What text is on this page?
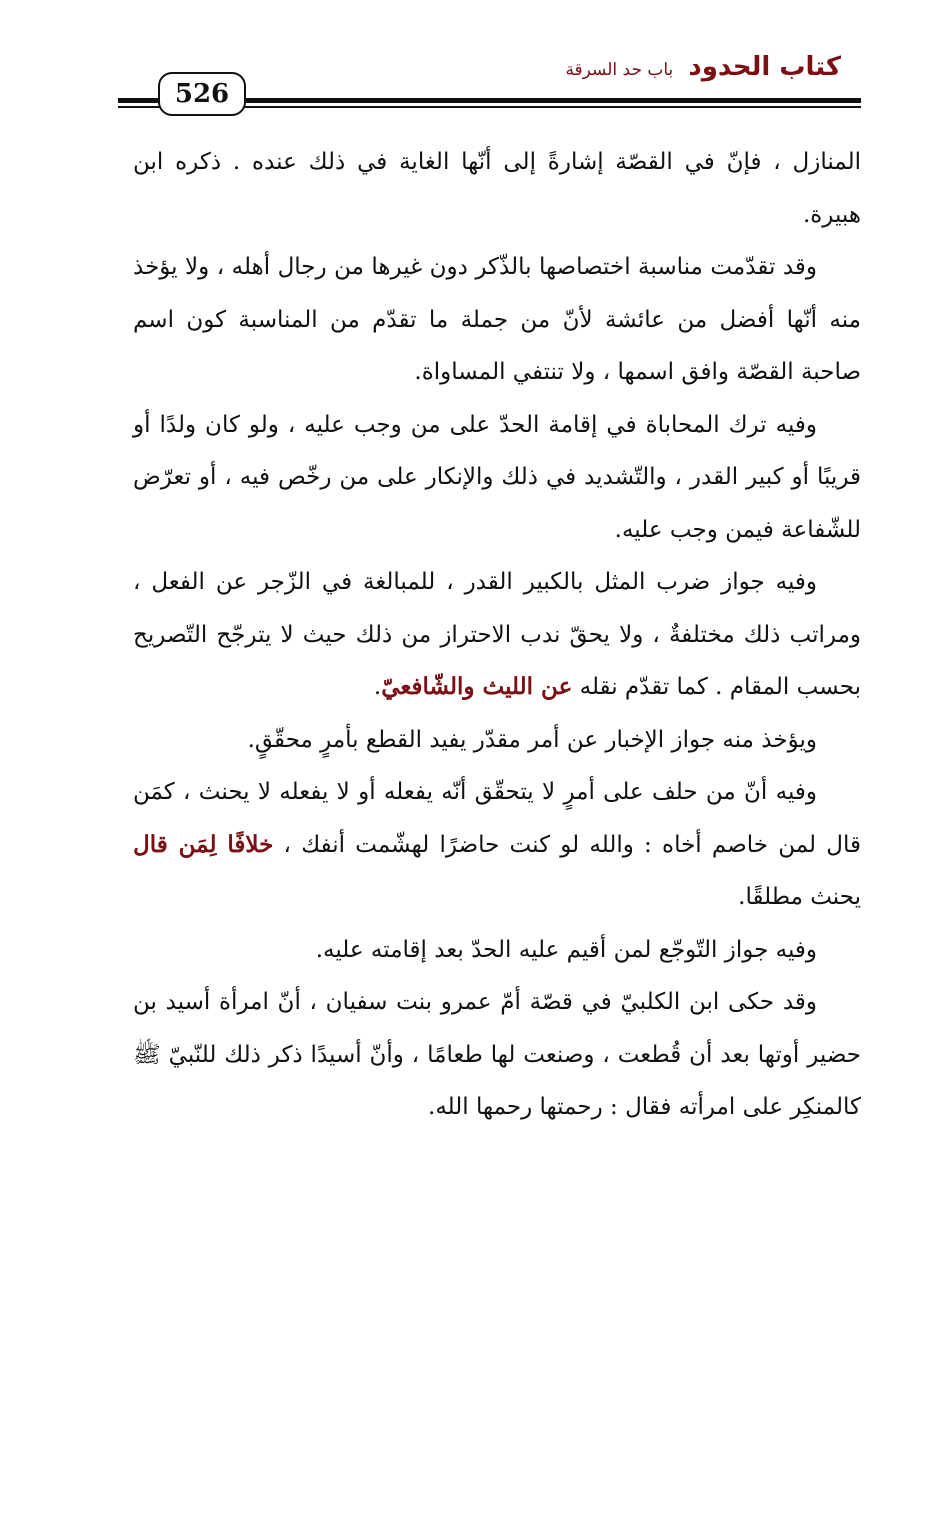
كتاب الحدود باب حد السرقة
526

المنازل ، فإنّ في القصّة إشارةً إلى أنّها الغاية في ذلك عنده . ذكره ابن هبيرة.

وقد تقدّمت مناسبة اختصاصها بالذّكر دون غيرها من رجال أهله ، ولا يؤخذ منه أنّها أفضل من عائشة لأنّ من جملة ما تقدّم من المناسبة كون اسم صاحبة القصّة وافق اسمها ، ولا تنتفي المساواة.

وفيه ترك المحاباة في إقامة الحدّ على من وجب عليه ، ولو كان ولدًا أو قريبًا أو كبير القدر ، والتّشديد في ذلك والإنكار على من رخّص فيه ، أو تعرّض للشّفاعة فيمن وجب عليه.

وفيه جواز ضرب المثل بالكبير القدر ، للمبالغة في الزّجر عن الفعل ، ومراتب ذلك مختلفةٌ ، ولا يحقّ ندب الاحتراز من ذلك حيث لا يترجّح التّصريح بحسب المقام . كما تقدّم نقله عن الليث والشّافعيّ.

ويؤخذ منه جواز الإخبار عن أمر مقدّر يفيد القطع بأمرٍ محقّقٍ.

وفيه أنّ من حلف على أمرٍ لا يتحقّق أنّه يفعله أو لا يفعله لا يحنث ، كمَن قال لمن خاصم أخاه : والله لو كنت حاضرًا لهشّمت أنفك ، خلافًا لِمَن قال يحنث مطلقًا.

وفيه جواز التّوجّع لمن أقيم عليه الحدّ بعد إقامته عليه.

وقد حكى ابن الكلبيّ في قصّة أمّ عمرو بنت سفيان ، أنّ امرأة أسيد بن حضير أوتها بعد أن قُطعت ، وصنعت لها طعامًا ، وأنّ أسيدًا ذكر ذلك للنّبيّ ﷺ كالمنكِر على امرأته فقال : رحمتها رحمها الله.
